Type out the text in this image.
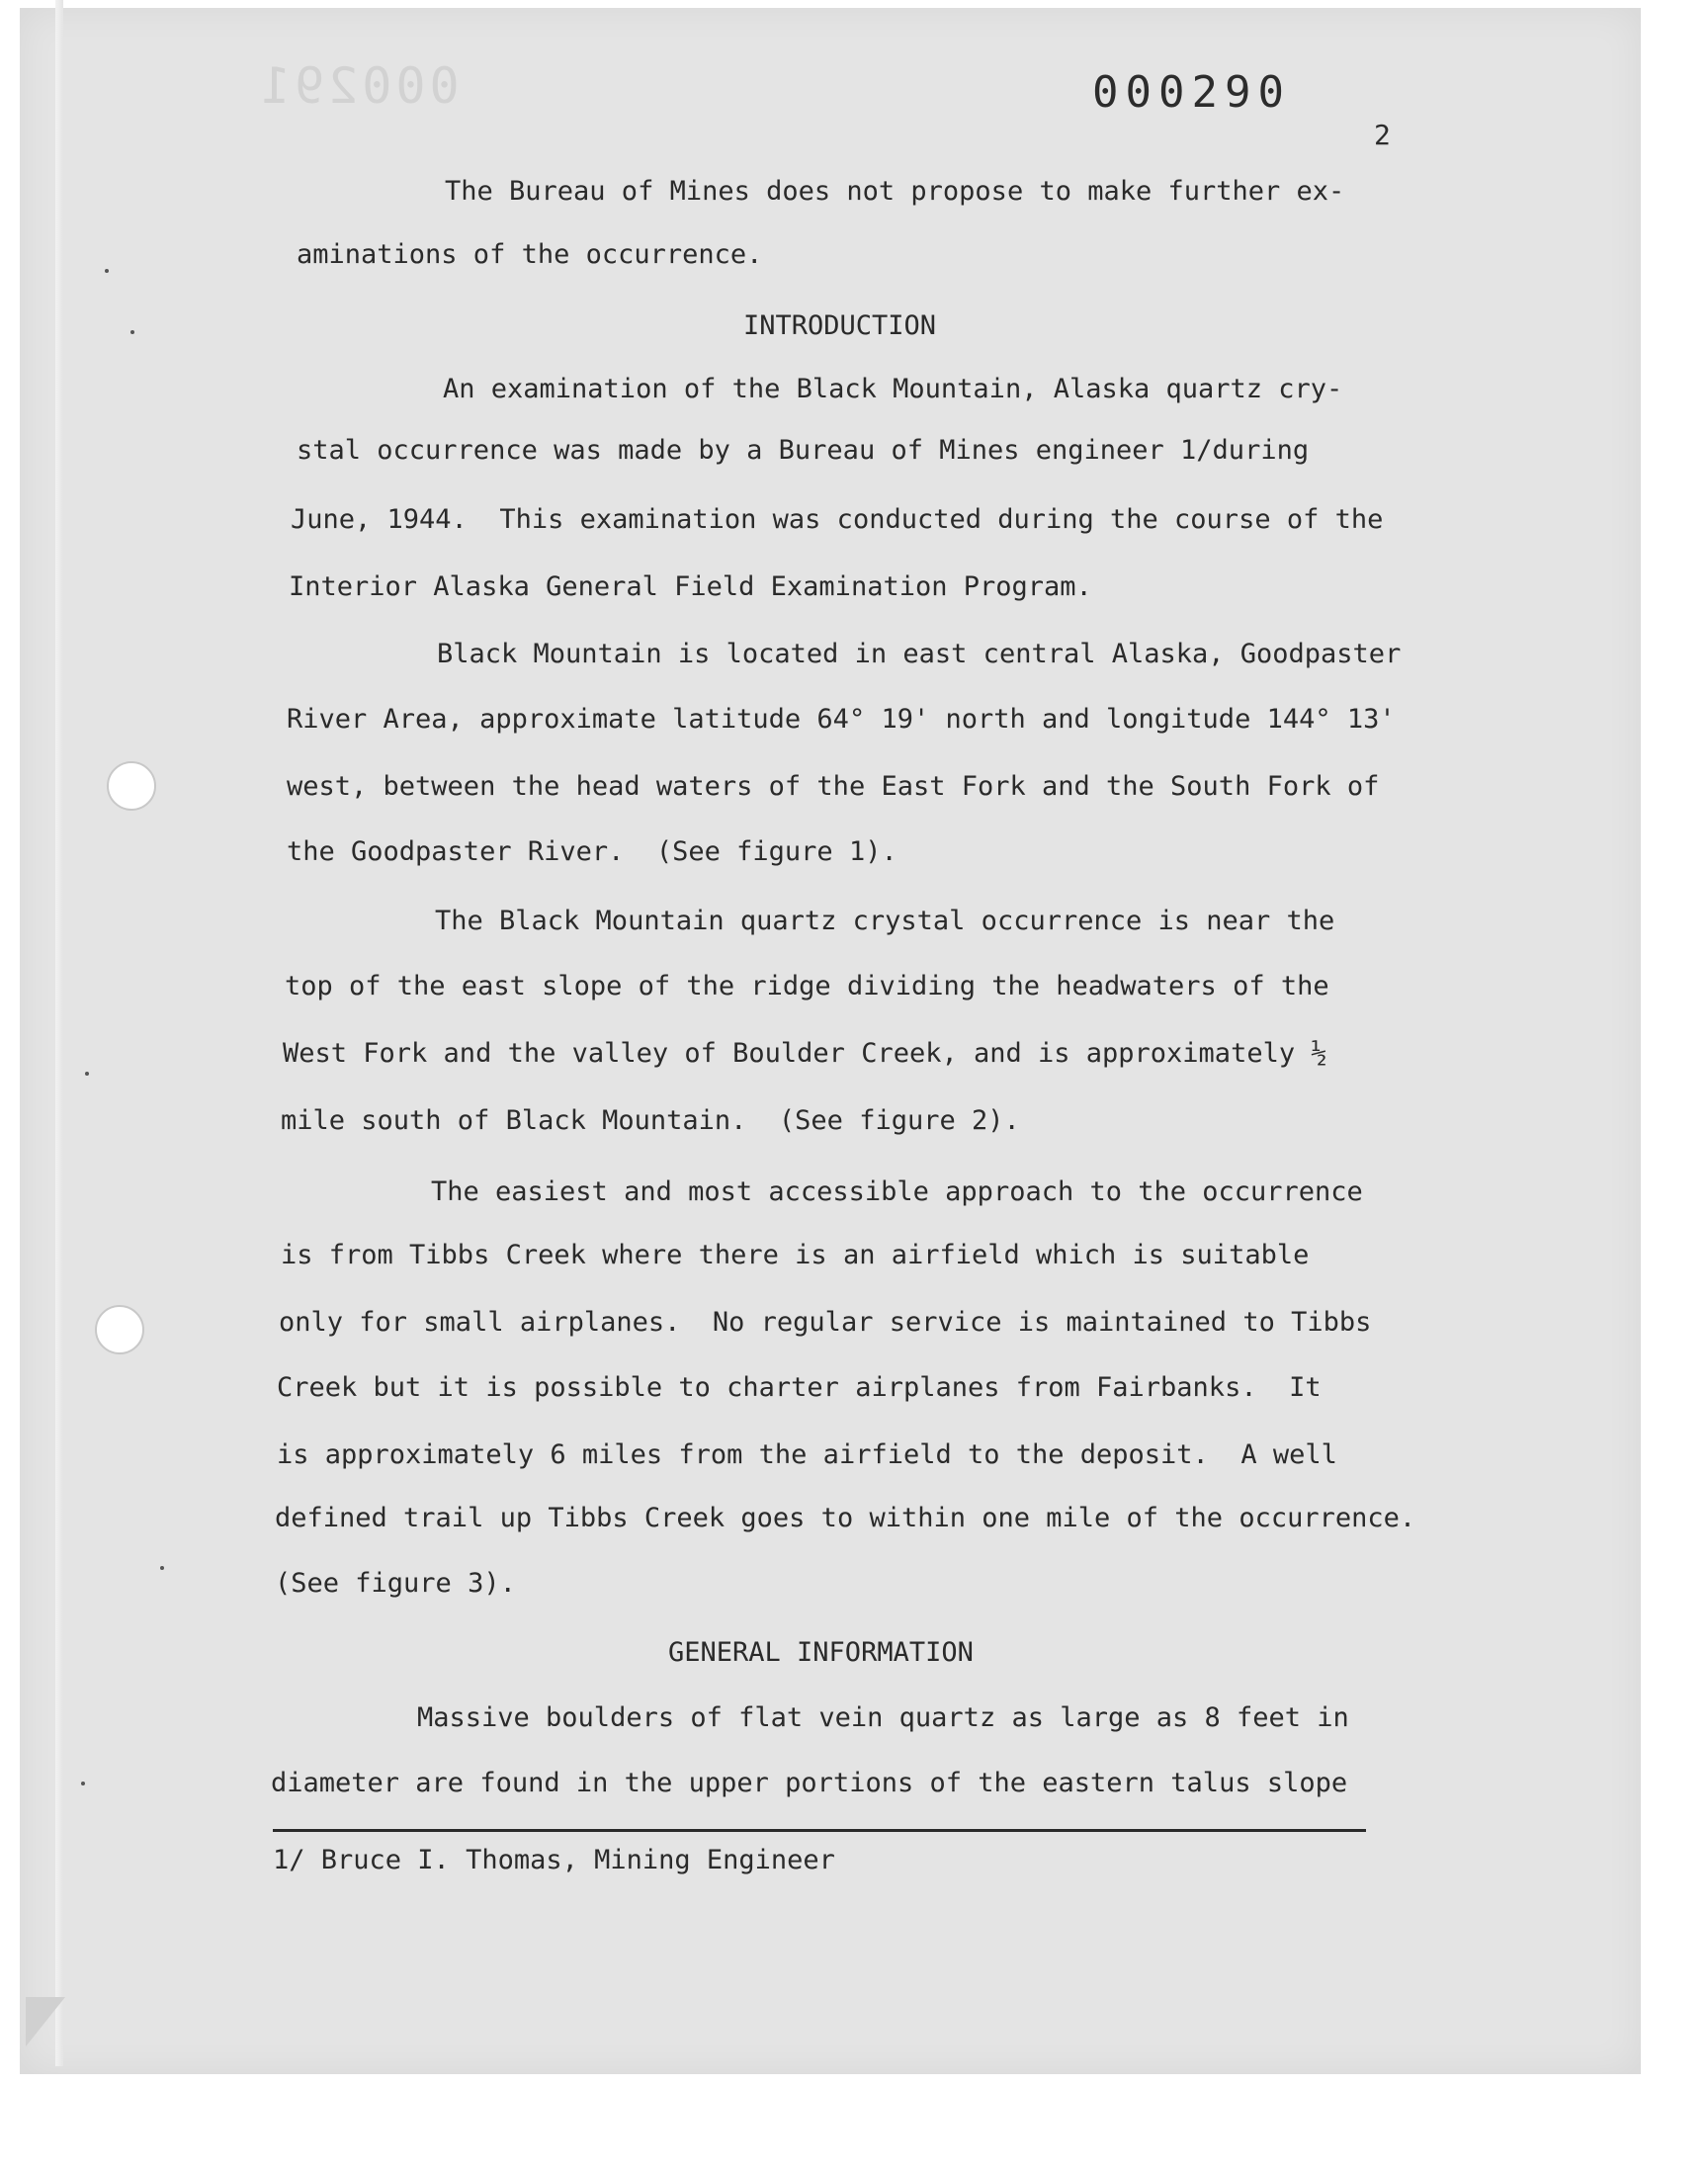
000291	000290
2
The Bureau of Mines does not propose to make further ex-
aminations of the occurrence.
INTRODUCTION
An examination of the Black Mountain, Alaska quartz cry-
stal occurrence was made by a Bureau of Mines engineer 1/during
June, 1944.  This examination was conducted during the course of the
Interior Alaska General Field Examination Program.
Black Mountain is located in east central Alaska, Goodpaster
River Area, approximate latitude 64° 19' north and longitude 144° 13'
west, between the head waters of the East Fork and the South Fork of
the Goodpaster River.  (See figure 1).
The Black Mountain quartz crystal occurrence is near the
top of the east slope of the ridge dividing the headwaters of the
West Fork and the valley of Boulder Creek, and is approximately ½
mile south of Black Mountain.  (See figure 2).
The easiest and most accessible approach to the occurrence
is from Tibbs Creek where there is an airfield which is suitable
only for small airplanes.  No regular service is maintained to Tibbs
Creek but it is possible to charter airplanes from Fairbanks.  It
is approximately 6 miles from the airfield to the deposit.  A well
defined trail up Tibbs Creek goes to within one mile of the occurrence.
(See figure 3).
GENERAL INFORMATION
Massive boulders of flat vein quartz as large as 8 feet in
diameter are found in the upper portions of the eastern talus slope
1/ Bruce I. Thomas, Mining Engineer
